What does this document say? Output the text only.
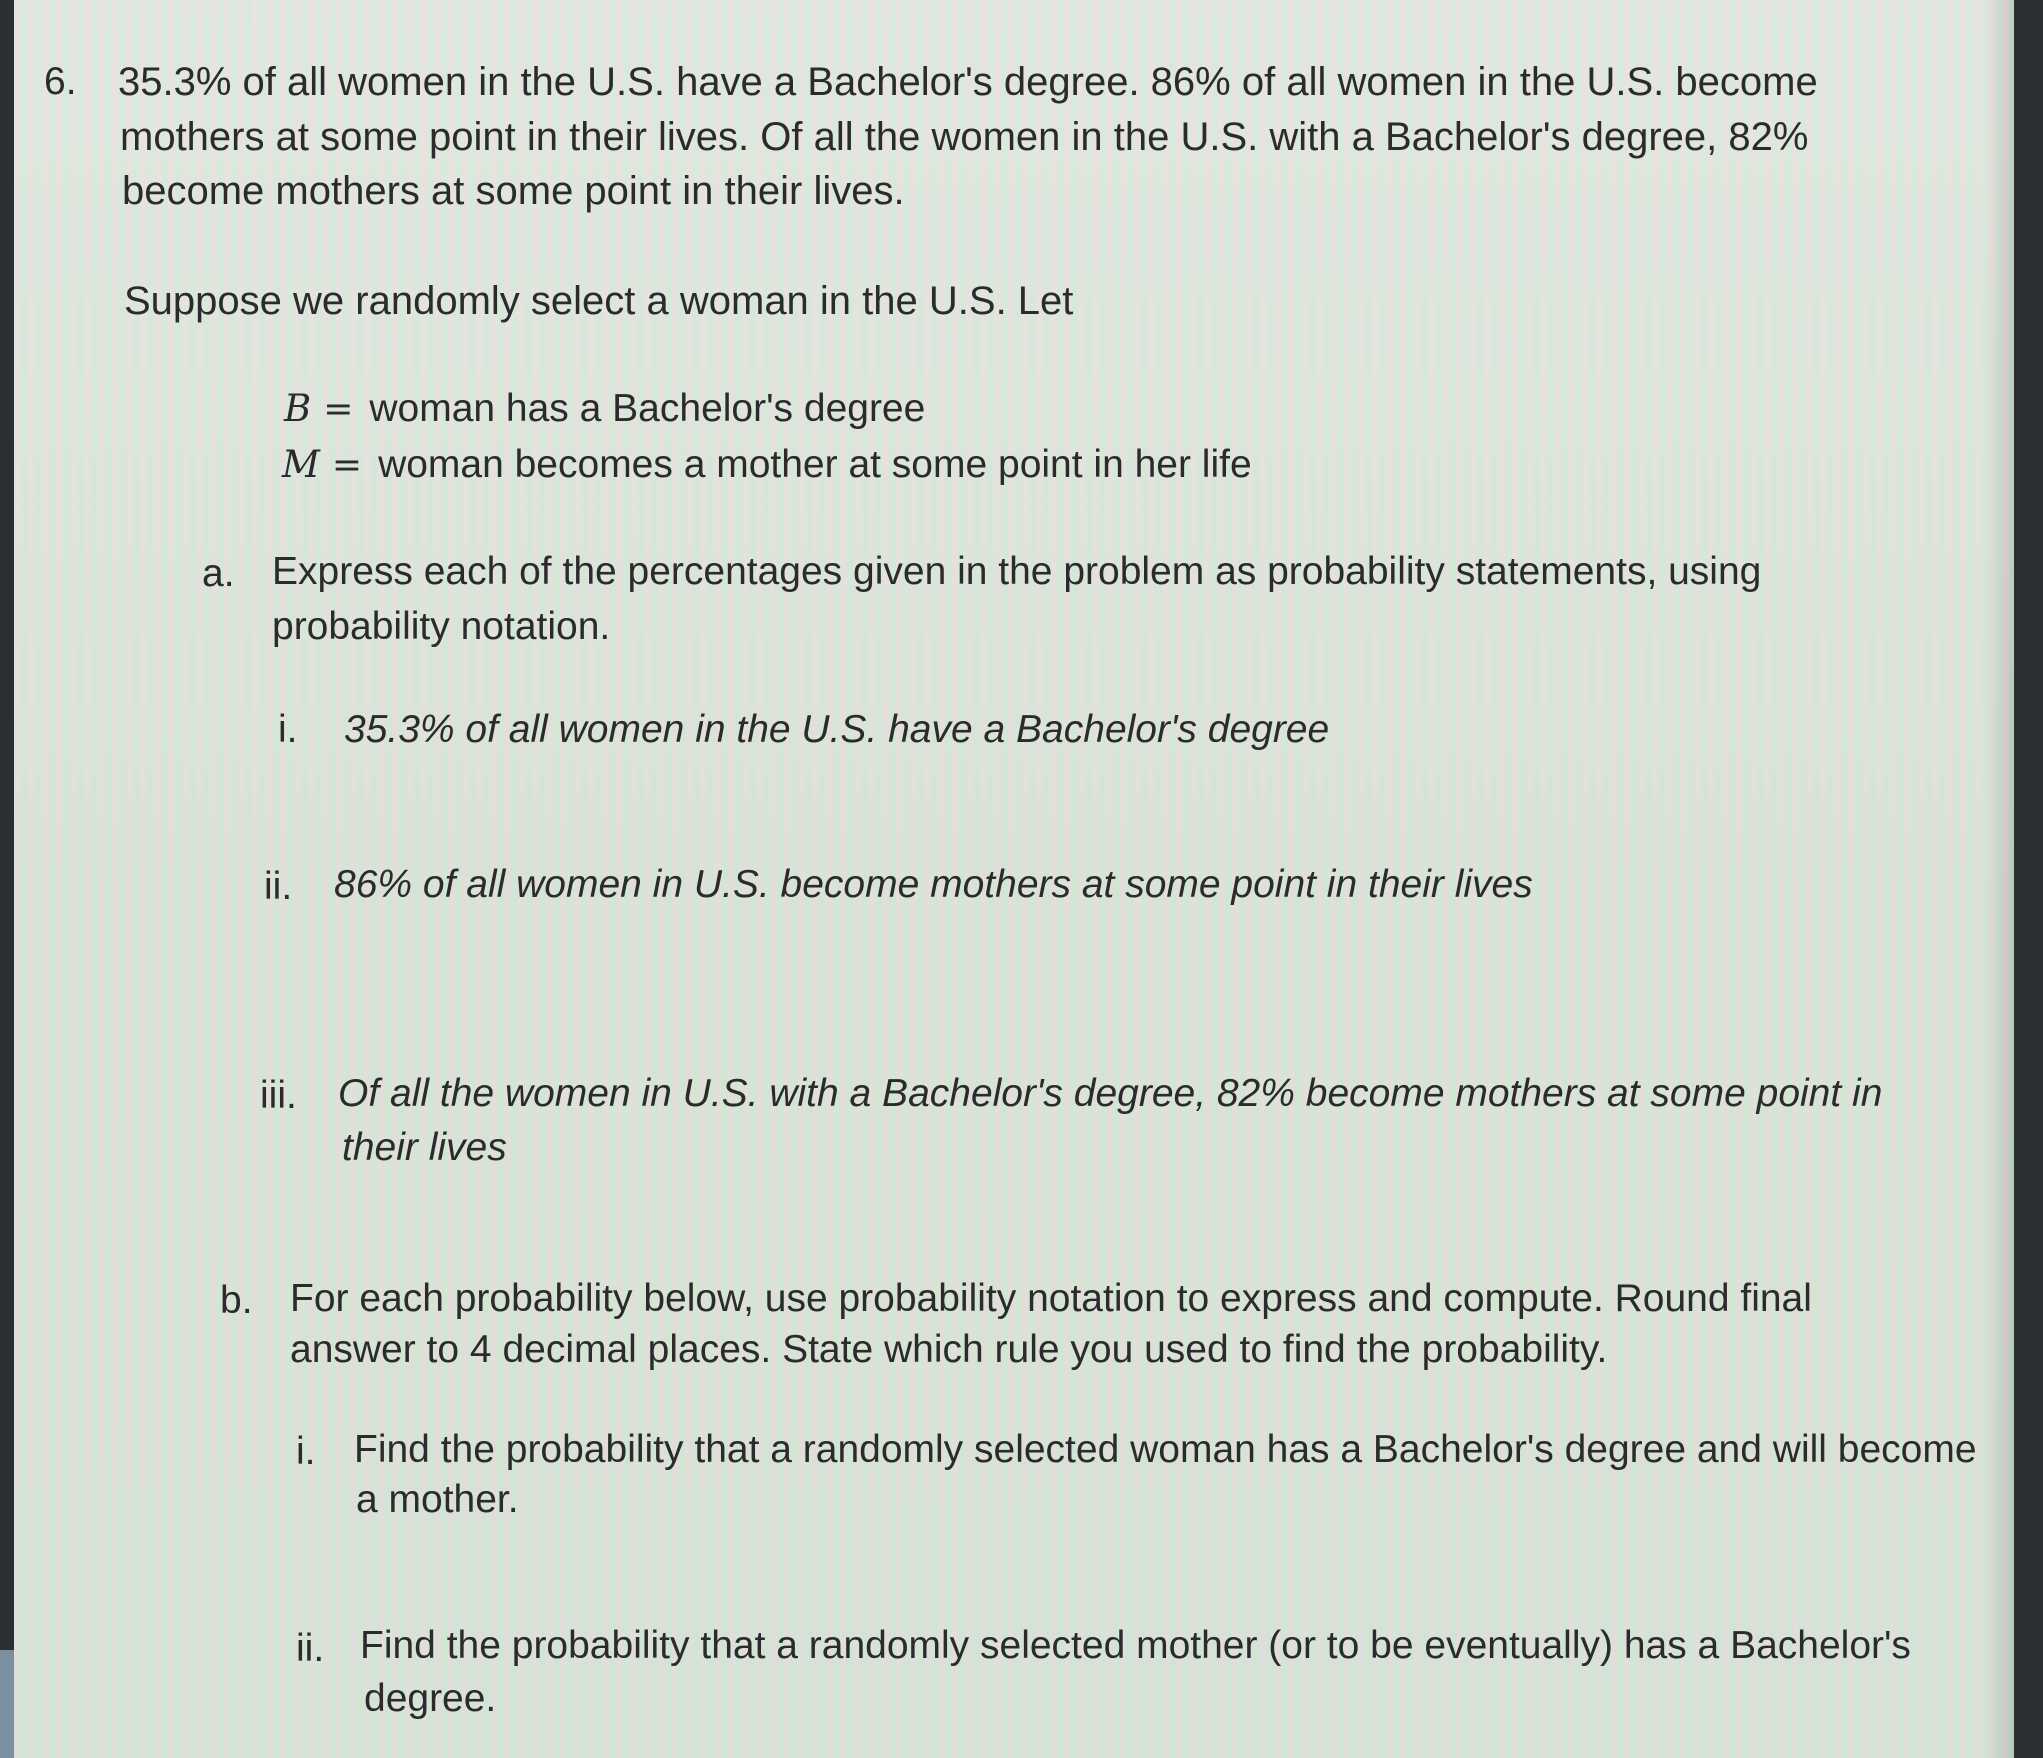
6. 35.3% of all women in the U.S. have a Bachelor's degree. 86% of all women in the U.S. become
mothers at some point in their lives. Of all the women in the U.S. with a Bachelor's degree, 82%
become mothers at some point in their lives.
Suppose we randomly select a woman in the U.S. Let
B = woman has a Bachelor's degree
M = woman becomes a mother at some point in her life
a. Express each of the percentages given in the problem as probability statements, using
probability notation.
i. 35.3% of all women in the U.S. have a Bachelor's degree
ii. 86% of all women in U.S. become mothers at some point in their lives
iii. Of all the women in U.S. with a Bachelor's degree, 82% become mothers at some point in
their lives
b. For each probability below, use probability notation to express and compute. Round final
answer to 4 decimal places. State which rule you used to find the probability.
i. Find the probability that a randomly selected woman has a Bachelor's degree and will become
a mother.
ii. Find the probability that a randomly selected mother (or to be eventually) has a Bachelor's
degree.
